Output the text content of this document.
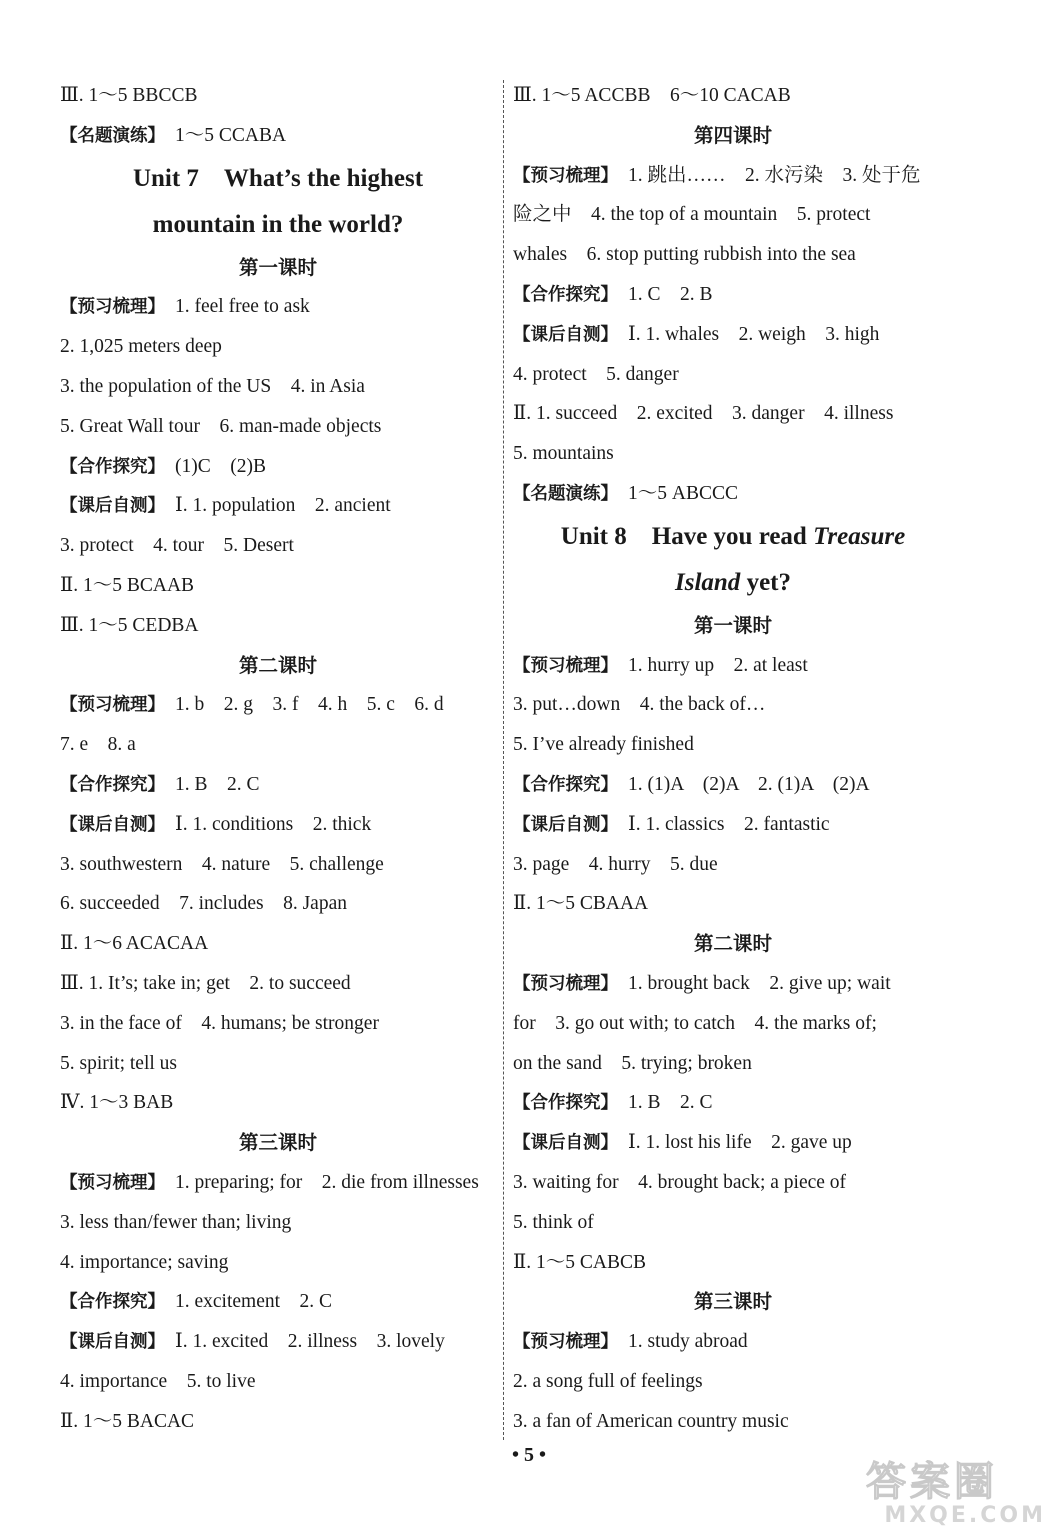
Ⅲ. 1～5 BBCCB
【名题演练】 1～5 CCABA
Unit 7　What’s the highest
mountain in the world?
第一课时
【预习梳理】 1. feel free to ask
2. 1,025 meters deep
3. the population of the US　4. in Asia
5. Great Wall tour　6. man-made objects
【合作探究】 (1)C　(2)B
【课后自测】 Ⅰ. 1. population　2. ancient
3. protect　4. tour　5. Desert
Ⅱ. 1～5 BCAAB
Ⅲ. 1～5 CEDBA
第二课时
【预习梳理】 1. b　2. g　3. f　4. h　5. c　6. d
7. e　8. a
【合作探究】 1. B　2. C
【课后自测】 Ⅰ. 1. conditions　2. thick
3. southwestern　4. nature　5. challenge
6. succeeded　7. includes　8. Japan
Ⅱ. 1～6 ACACAA
Ⅲ. 1. It’s; take in; get　2. to succeed
3. in the face of　4. humans; be stronger
5. spirit; tell us
Ⅳ. 1～3 BAB
第三课时
【预习梳理】 1. preparing; for　2. die from illnesses
3. less than/fewer than; living
4. importance; saving
【合作探究】 1. excitement　2. C
【课后自测】 Ⅰ. 1. excited　2. illness　3. lovely
4. importance　5. to live
Ⅱ. 1～5 BACAC
Ⅲ. 1～5 ACCBB　6～10 CACAB
第四课时
【预习梳理】 1. 跳出……　2. 水污染　3. 处于危
险之中　4. the top of a mountain　5. protect
whales　6. stop putting rubbish into the sea
【合作探究】 1. C　2. B
【课后自测】 Ⅰ. 1. whales　2. weigh　3. high
4. protect　5. danger
Ⅱ. 1. succeed　2. excited　3. danger　4. illness
5. mountains
【名题演练】 1～5 ABCCC
Unit 8　Have you read Treasure
Island yet?
第一课时
【预习梳理】 1. hurry up　2. at least
3. put…down　4. the back of…
5. I’ve already finished
【合作探究】 1. (1)A　(2)A　2. (1)A　(2)A
【课后自测】 Ⅰ. 1. classics　2. fantastic
3. page　4. hurry　5. due
Ⅱ. 1～5 CBAAA
第二课时
【预习梳理】 1. brought back　2. give up; wait
for　3. go out with; to catch　4. the marks of;
on the sand　5. trying; broken
【合作探究】 1. B　2. C
【课后自测】 Ⅰ. 1. lost his life　2. gave up
3. waiting for　4. brought back; a piece of
5. think of
Ⅱ. 1～5 CABCB
第三课时
【预习梳理】 1. study abroad
2. a song full of feelings
3. a fan of American country music
• 5 •
答案圈
MXQE.COM
